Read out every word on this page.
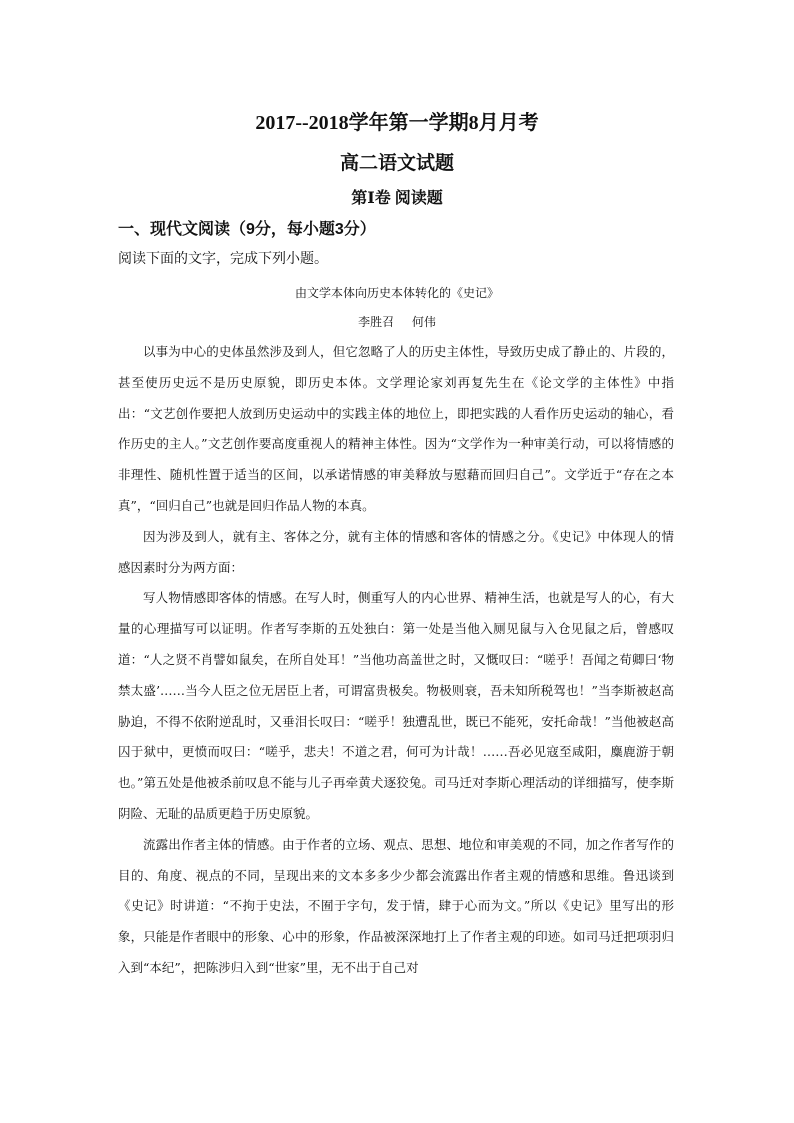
2017--2018学年第一学期8月月考
高二语文试题
第Ⅰ卷 阅读题
一、现代文阅读（9分，每小题3分）
阅读下面的文字，完成下列小题。
由文学本体向历史本体转化的《史记》
李胜召 何伟

以事为中心的史体虽然涉及到人，但它忽略了人的历史主体性，导致历史成了静止的、片段的，甚至使历史远不是历史原貌，即历史本体。文学理论家刘再复先生在《论文学的主体性》中指出：“文艺创作要把人放到历史运动中的实践主体的地位上，即把实践的人看作历史运动的轴心，看作历史的主人。”文艺创作要高度重视人的精神主体性。因为“文学作为一种审美行动，可以将情感的非理性、随机性置于适当的区间，以承诺情感的审美释放与慰藉而回归自己”。文学近于“存在之本真”，“回归自己”也就是回归作品人物的本真。

因为涉及到人，就有主、客体之分，就有主体的情感和客体的情感之分。《史记》中体现人的情感因素时分为两方面：

写人物情感即客体的情感。在写人时，侧重写人的内心世界、精神生活，也就是写人的心，有大量的心理描写可以证明。作者写李斯的五处独白：第一处是当他入厕见鼠与入仓见鼠之后，曾感叹道：“人之贤不肖譬如鼠矣，在所自处耳！”当他功高盖世之时，又慨叹曰：“嗟乎！吾闻之荀卿曰‘物禁太盛’……当今人臣之位无居臣上者，可谓富贵极矣。物极则衰，吾未知所税驾也！”当李斯被赵高胁迫，不得不依附逆乱时，又垂泪长叹曰：“嗟乎！独遭乱世，既已不能死，安托命哉！”当他被赵高囚于狱中，更愤而叹曰：“嗟乎，悲夫！不道之君，何可为计哉！……吾必见寇至咸阳，麋鹿游于朝也。”第五处是他被杀前叹息不能与儿子再牵黄犬逐狡兔。司马迁对李斯心理活动的详细描写，使李斯阴险、无耻的品质更趋于历史原貌。

流露出作者主体的情感。由于作者的立场、观点、思想、地位和审美观的不同，加之作者写作的目的、角度、视点的不同，呈现出来的文本多多少少都会流露出作者主观的情感和思维。鲁迅谈到《史记》时讲道：“不拘于史法，不囿于字句，发于情，肆于心而为文。”所以《史记》里写出的形象，只能是作者眼中的形象、心中的形象，作品被深深地打上了作者主观的印迹。如司马迁把项羽归入到“本纪”，把陈涉归入到“世家”里，无不出于自己对
